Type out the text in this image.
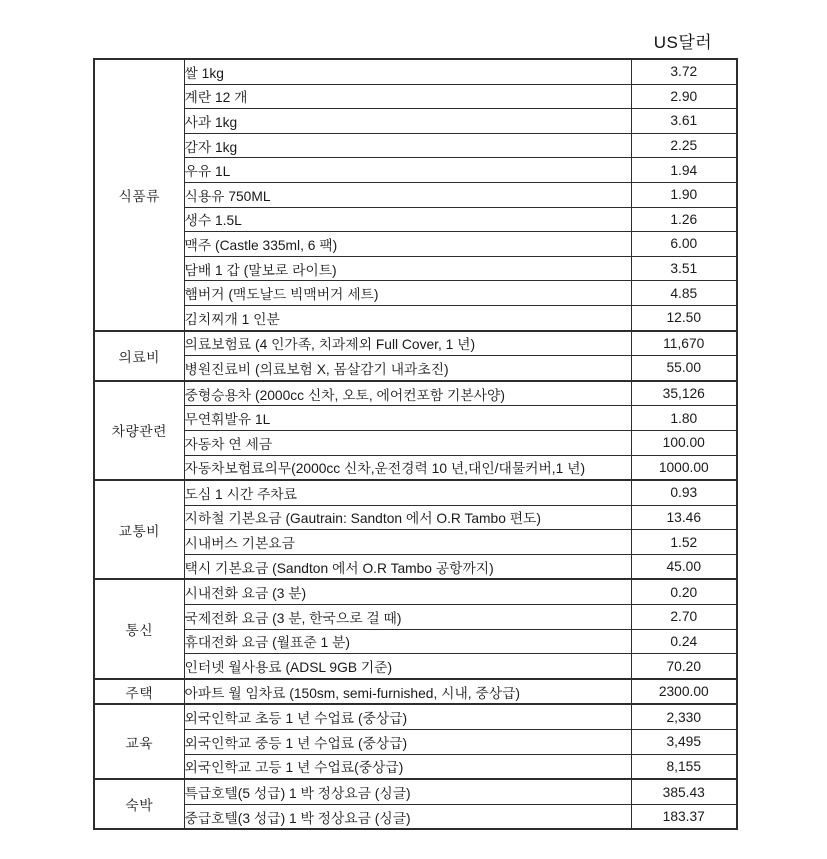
US달러
식품류	쌀 1kg	3.72
	계란 12 개	2.90
	사과 1kg	3.61
	감자 1kg	2.25
	우유 1L	1.94
	식용유 750ML	1.90
	생수 1.5L	1.26
	맥주 (Castle 335ml, 6 팩)	6.00
	담배 1 갑 (말보로 라이트)	3.51
	햄버거 (맥도날드 빅맥버거 세트)	4.85
	김치찌개 1 인분	12.50
의료비	의료보험료 (4 인가족, 치과제외 Full Cover, 1 년)	11,670
	병원진료비 (의료보험 X, 몸살감기 내과초진)	55.00
차량관련	중형승용차 (2000cc 신차, 오토, 에어컨포함 기본사양)	35,126
	무연휘발유 1L	1.80
	자동차 연 세금	100.00
	자동차보험료의무(2000cc 신차,운전경력 10 년,대인/대물커버,1 년)	1000.00
교통비	도심 1 시간 주차료	0.93
	지하철 기본요금 (Gautrain: Sandton 에서 O.R Tambo 편도)	13.46
	시내버스 기본요금	1.52
	택시 기본요금 (Sandton 에서 O.R Tambo 공항까지)	45.00
통신	시내전화 요금 (3 분)	0.20
	국제전화 요금 (3 분, 한국으로 걸 때)	2.70
	휴대전화 요금 (월표준 1 분)	0.24
	인터넷 월사용료 (ADSL 9GB 기준)	70.20
주택	아파트 월 임차료 (150sm, semi-furnished, 시내, 중상급)	2300.00
교육	외국인학교 초등 1 년 수업료 (중상급)	2,330
	외국인학교 중등 1 년 수업료 (중상급)	3,495
	외국인학교 고등 1 년 수업료(중상급)	8,155
숙박	특급호텔(5 성급) 1 박 정상요금 (싱글)	385.43
	중급호텔(3 성급) 1 박 정상요금 (싱글)	183.37
